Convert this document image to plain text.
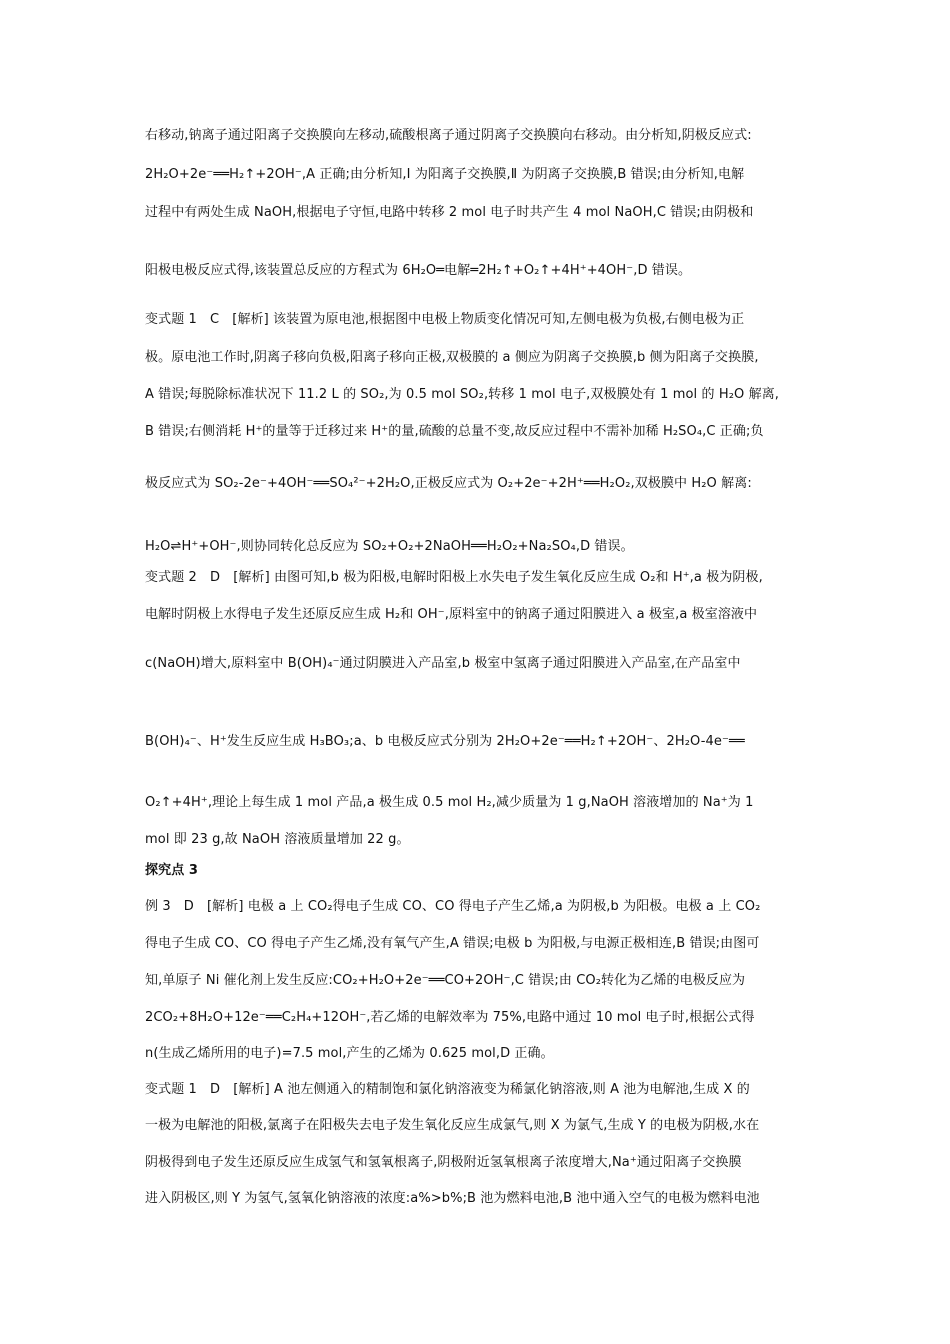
右移动,钠离子通过阳离子交换膜向左移动,硫酸根离子通过阴离子交换膜向右移动。由分析知,阴极反应式:
2H₂O+2e⁻══H₂↑+2OH⁻,A 正确;由分析知,Ⅰ 为阳离子交换膜,Ⅱ 为阴离子交换膜,B 错误;由分析知,电解
过程中有两处生成 NaOH,根据电子守恒,电路中转移 2 mol 电子时共产生 4 mol NaOH,C 错误;由阴极和
阳极电极反应式得,该装置总反应的方程式为 6H₂O═电解═2H₂↑+O₂↑+4H⁺+4OH⁻,D 错误。
变式题 1　C　[解析] 该装置为原电池,根据图中电极上物质变化情况可知,左侧电极为负极,右侧电极为正
极。原电池工作时,阴离子移向负极,阳离子移向正极,双极膜的 a 侧应为阴离子交换膜,b 侧为阳离子交换膜,
A 错误;每脱除标准状况下 11.2 L 的 SO₂,为 0.5 mol SO₂,转移 1 mol 电子,双极膜处有 1 mol 的 H₂O 解离,
B 错误;右侧消耗 H⁺的量等于迁移过来 H⁺的量,硫酸的总量不变,故反应过程中不需补加稀 H₂SO₄,C 正确;负
极反应式为 SO₂-2e⁻+4OH⁻══SO₄²⁻+2H₂O,正极反应式为 O₂+2e⁻+2H⁺══H₂O₂,双极膜中 H₂O 解离:
H₂O⇌H⁺+OH⁻,则协同转化总反应为 SO₂+O₂+2NaOH══H₂O₂+Na₂SO₄,D 错误。
变式题 2　D　[解析] 由图可知,b 极为阳极,电解时阳极上水失电子发生氧化反应生成 O₂和 H⁺,a 极为阴极,
电解时阴极上水得电子发生还原反应生成 H₂和 OH⁻,原料室中的钠离子通过阳膜进入 a 极室,a 极室溶液中
c(NaOH)增大,原料室中 B(OH)₄⁻通过阴膜进入产品室,b 极室中氢离子通过阳膜进入产品室,在产品室中
B(OH)₄⁻、H⁺发生反应生成 H₃BO₃;a、b 电极反应式分别为 2H₂O+2e⁻══H₂↑+2OH⁻、2H₂O-4e⁻══
O₂↑+4H⁺,理论上每生成 1 mol 产品,a 极生成 0.5 mol H₂,减少质量为 1 g,NaOH 溶液增加的 Na⁺为 1
mol 即 23 g,故 NaOH 溶液质量增加 22 g。
探究点 3
例 3　D　[解析] 电极 a 上 CO₂得电子生成 CO、CO 得电子产生乙烯,a 为阴极,b 为阳极。电极 a 上 CO₂
得电子生成 CO、CO 得电子产生乙烯,没有氧气产生,A 错误;电极 b 为阳极,与电源正极相连,B 错误;由图可
知,单原子 Ni 催化剂上发生反应:CO₂+H₂O+2e⁻══CO+2OH⁻,C 错误;由 CO₂转化为乙烯的电极反应为
2CO₂+8H₂O+12e⁻══C₂H₄+12OH⁻,若乙烯的电解效率为 75%,电路中通过 10 mol 电子时,根据公式得
n(生成乙烯所用的电子)=7.5 mol,产生的乙烯为 0.625 mol,D 正确。
变式题 1　D　[解析] A 池左侧通入的精制饱和氯化钠溶液变为稀氯化钠溶液,则 A 池为电解池,生成 X 的
一极为电解池的阳极,氯离子在阳极失去电子发生氧化反应生成氯气,则 X 为氯气,生成 Y 的电极为阴极,水在
阴极得到电子发生还原反应生成氢气和氢氧根离子,阴极附近氢氧根离子浓度增大,Na⁺通过阳离子交换膜
进入阴极区,则 Y 为氢气,氢氧化钠溶液的浓度:a%>b%;B 池为燃料电池,B 池中通入空气的电极为燃料电池
